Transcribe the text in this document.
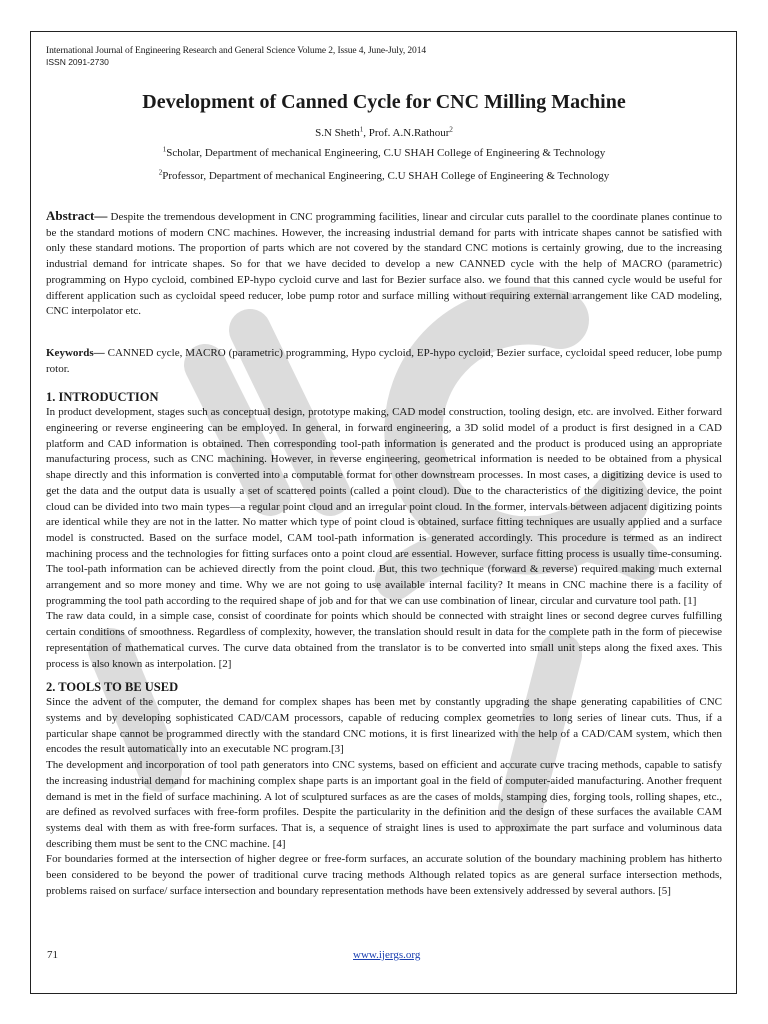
International Journal of Engineering Research and General Science Volume 2, Issue 4, June-July, 2014
ISSN 2091-2730
Development of Canned Cycle for CNC Milling Machine
S.N Sheth$^1$, Prof. A.N.Rathour$^2$
$^1$Scholar, Department of mechanical Engineering, C.U SHAH College of Engineering & Technology
$^2$Professor, Department of mechanical Engineering, C.U SHAH College of Engineering & Technology

Abstract— Despite the tremendous development in CNC programming facilities, linear and circular cuts parallel to the coordinate planes continue to be the standard motions of modern CNC machines. However, the increasing industrial demand for parts with intricate shapes cannot be satisfied with only these standard motions. The proportion of parts which are not covered by the standard CNC motions is certainly growing, due to the increasing industrial demand for intricate shapes. So for that we have decided to develop a new CANNED cycle with the help of MACRO (parametric) programming on Hypo cycloid, combined EP-hypo cycloid curve and last for Bezier surface also. we found that this canned cycle would be useful for different application such as cycloidal speed reducer, lobe pump rotor and surface milling without requiring external arrangement like CAD modeling, CNC interpolator etc.

Keywords— CANNED cycle, MACRO (parametric) programming, Hypo cycloid, EP-hypo cycloid, Bezier surface, cycloidal speed reducer, lobe pump rotor.

1. INTRODUCTION

In product development, stages such as conceptual design, prototype making, CAD model construction, tooling design, etc. are involved. Either forward engineering or reverse engineering can be employed. In general, in forward engineering, a 3D solid model of a product is first designed in a CAD platform and CAD information is obtained. Then corresponding tool-path information is generated and the product is produced using an appropriate manufacturing process, such as CNC machining. However, in reverse engineering, geometrical information is needed to be obtained from a physical shape directly and this information is converted into a computable format for other downstream processes. In most cases, a digitizing device is used to get the data and the output data is usually a set of scattered points (called a point cloud). Due to the characteristics of the digitizing device, the point cloud can be divided into two main types—a regular point cloud and an irregular point cloud. In the former, intervals between adjacent digitizing points are identical while they are not in the latter. No matter which type of point cloud is obtained, surface fitting techniques are usually applied and a surface model is constructed. Based on the surface model, CAM tool-path information is generated accordingly. This procedure is termed as an indirect machining process and the technologies for fitting surfaces onto a point cloud are essential. However, surface fitting process is usually time-consuming. The tool-path information can be achieved directly from the point cloud. But, this two technique (forward & reverse) required making much external arrangement and so more money and time. Why we are not going to use available internal facility? It means in CNC machine there is a facility of programming the tool path according to the required shape of job and for that we can use combination of linear, circular and curvature tool path. [1]

The raw data could, in a simple case, consist of coordinate for points which should be connected with straight lines or second degree curves fulfilling certain conditions of smoothness. Regardless of complexity, however, the translation should result in data for the complete path in the form of piecewise representation of mathematical curves. The curve data obtained from the translator is to be converted into small unit steps along the fixed axes. This process is also known as interpolation. [2]

2. TOOLS TO BE USED

Since the advent of the computer, the demand for complex shapes has been met by constantly upgrading the shape generating capabilities of CNC systems and by developing sophisticated CAD/CAM processors, capable of reducing complex geometries to long series of linear cuts. Thus, if a particular shape cannot be programmed directly with the standard CNC motions, it is first linearized with the help of a CAD/CAM system, which then encodes the result automatically into an executable NC program.[3]

The development and incorporation of tool path generators into CNC systems, based on efficient and accurate curve tracing methods, capable to satisfy the increasing industrial demand for machining complex shape parts is an important goal in the field of computer-aided manufacturing. Another frequent demand is met in the field of surface machining. A lot of sculptured surfaces as are the cases of molds, stamping dies, forging tools, rolling shapes, etc., are defined as revolved surfaces with free-form profiles. Despite the particularity in the definition and the design of these surfaces the available CAM systems deal with them as with free-form surfaces. That is, a sequence of straight lines is used to approximate the part surface and voluminous data describing them must be sent to the CNC machine. [4]

For boundaries formed at the intersection of higher degree or free-form surfaces, an accurate solution of the boundary machining problem has hitherto been considered to be beyond the power of traditional curve tracing methods Although related topics as are general surface intersection methods, problems raised on surface/ surface intersection and boundary representation methods have been extensively addressed by several authors. [5]

71	www.ijergs.org
